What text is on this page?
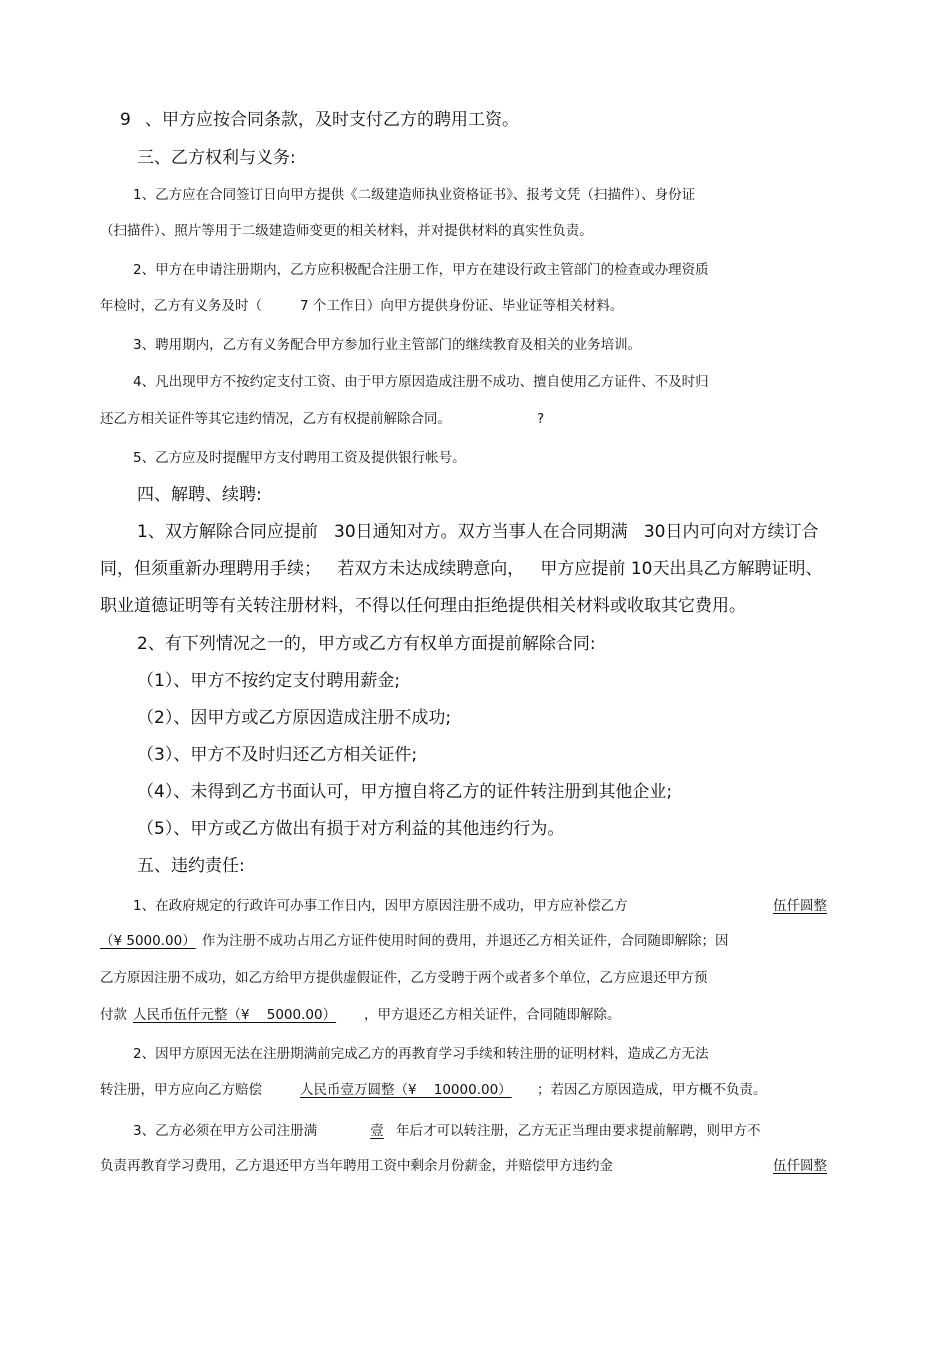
9 、甲方应按合同条款，及时支付乙方的聘用工资。
三、乙方权利与义务:
1、乙方应在合同签订日向甲方提供《二级建造师执业资格证书》、报考文凭（扫描件）、身份证
（扫描件）、照片等用于二级建造师变更的相关材料，并对提供材料的真实性负责。
2、甲方在申请注册期内，乙方应积极配合注册工作，甲方在建设行政主管部门的检查或办理资质
年检时，乙方有义务及时（	7 个工作日）向甲方提供身份证、毕业证等相关材料。
3、聘用期内，乙方有义务配合甲方参加行业主管部门的继续教育及相关的业务培训。
4、凡出现甲方不按约定支付工资、由于甲方原因造成注册不成功、擅自使用乙方证件、不及时归
还乙方相关证件等其它违约情况，乙方有权提前解除合同。	?
5、乙方应及时提醒甲方支付聘用工资及提供银行帐号。
四、解聘、续聘:
1、双方解除合同应提前   30日通知对方。双方当事人在合同期满   30日内可向对方续订合
同，但须重新办理聘用手续；   若双方未达成续聘意向，   甲方应提前 10天出具乙方解聘证明、
职业道德证明等有关转注册材料，不得以任何理由拒绝提供相关材料或收取其它费用。
2、有下列情况之一的，甲方或乙方有权单方面提前解除合同:
（1）、甲方不按约定支付聘用薪金;
（2）、因甲方或乙方原因造成注册不成功;
（3）、甲方不及时归还乙方相关证件;
（4）、未得到乙方书面认可，甲方擅自将乙方的证件转注册到其他企业;
（5）、甲方或乙方做出有损于对方利益的其他违约行为。
五、违约责任:
1、在政府规定的行政许可办事工作日内，因甲方原因注册不成功，甲方应补偿乙方	伍仟圆整
（¥ 5000.00） 作为注册不成功占用乙方证件使用时间的费用，并退还乙方相关证件，合同随即解除；因
乙方原因注册不成功，如乙方给甲方提供虚假证件，乙方受聘于两个或者多个单位，乙方应退还甲方预
付款 人民币伍仟元整（¥    5000.00） ，甲方退还乙方相关证件，合同随即解除。
2、因甲方原因无法在注册期满前完成乙方的再教育学习手续和转注册的证明材料，造成乙方无法
转注册，甲方应向乙方赔偿	人民币壹万圆整（¥    10000.00） ；若因乙方原因造成，甲方概不负责。
3、乙方必须在甲方公司注册满	壹 年后才可以转注册，乙方无正当理由要求提前解聘，则甲方不
负责再教育学习费用，乙方退还甲方当年聘用工资中剩余月份薪金，并赔偿甲方违约金	伍仟圆整
